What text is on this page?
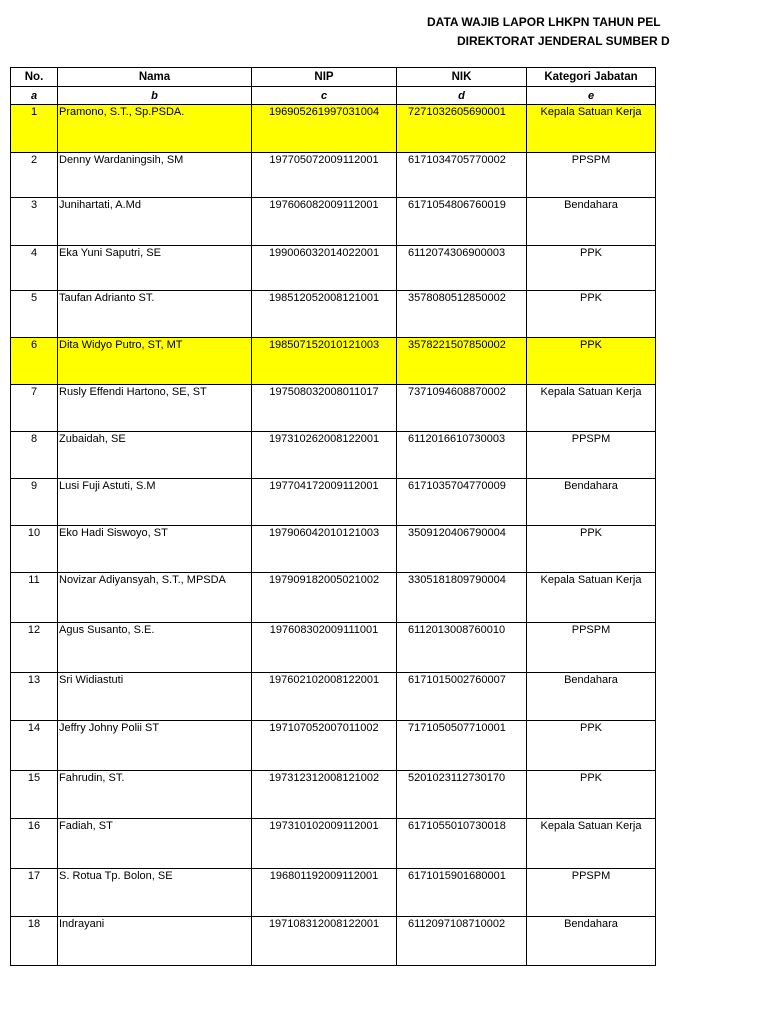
DATA WAJIB LAPOR LHKPN TAHUN PEL
DIREKTORAT JENDERAL SUMBER D
No.	Nama	NIP	NIK	Kategori Jabatan
a	b	c	d	e
1	Pramono, S.T., Sp.PSDA.	196905261997031004	7271032605690001	Kepala Satuan Kerja
2	Denny Wardaningsih, SM	197705072009112001	6171034705770002	PPSPM
3	Junihartati, A.Md	197606082009112001	6171054806760019	Bendahara
4	Eka Yuni Saputri, SE	199006032014022001	6112074306900003	PPK
5	Taufan Adrianto ST.	198512052008121001	3578080512850002	PPK
6	Dita Widyo Putro, ST, MT	198507152010121003	3578221507850002	PPK
7	Rusly Effendi Hartono, SE, ST	197508032008011017	7371094608870002	Kepala Satuan Kerja
8	Zubaidah, SE	197310262008122001	6112016610730003	PPSPM
9	Lusi Fuji Astuti, S.M	197704172009112001	6171035704770009	Bendahara
10	Eko Hadi Siswoyo, ST	197906042010121003	3509120406790004	PPK
11	Novizar Adiyansyah, S.T., MPSDA	197909182005021002	3305181809790004	Kepala Satuan Kerja
12	Agus Susanto, S.E.	197608302009111001	6112013008760010	PPSPM
13	Sri Widiastuti	197602102008122001	6171015002760007	Bendahara
14	Jeffry Johny Polii ST	197107052007011002	7171050507710001	PPK
15	Fahrudin, ST.	197312312008121002	5201023112730170	PPK
16	Fadiah, ST	197310102009112001	6171055010730018	Kepala Satuan Kerja
17	S. Rotua Tp. Bolon, SE	196801192009112001	6171015901680001	PPSPM
18	Indrayani	197108312008122001	6112097108710002	Bendahara
